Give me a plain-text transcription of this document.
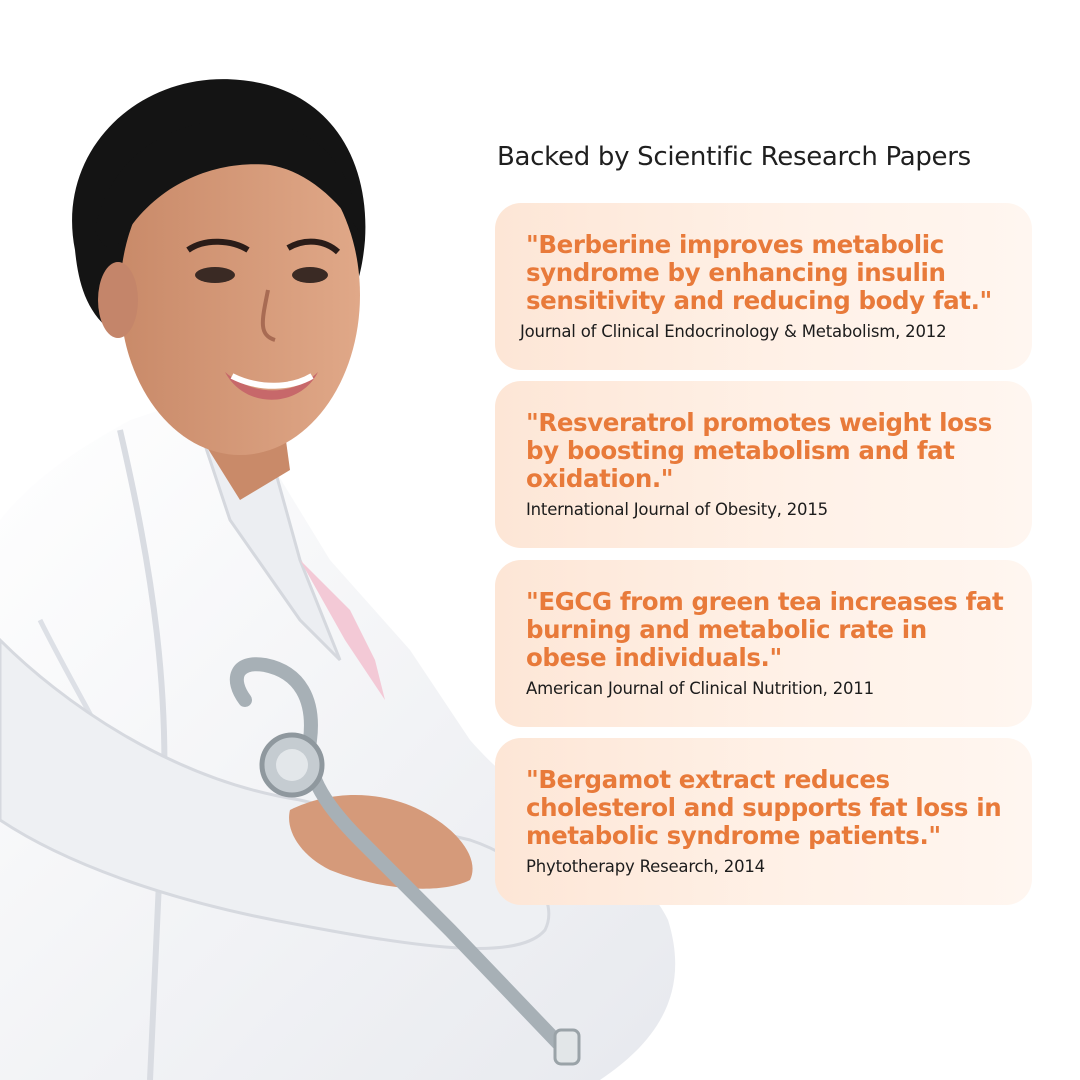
Backed by Scientific Research Papers

"Berberine improves metabolic syndrome by enhancing insulin sensitivity and reducing body fat."

Journal of Clinical Endocrinology & Metabolism, 2012

"Resveratrol promotes weight loss by boosting metabolism and fat oxidation."

International Journal of Obesity, 2015

"EGCG from green tea increases fat burning and metabolic rate in obese individuals."

American Journal of Clinical Nutrition, 2011

"Bergamot extract reduces cholesterol and supports fat loss in metabolic syndrome patients."

Phytotherapy Research, 2014
